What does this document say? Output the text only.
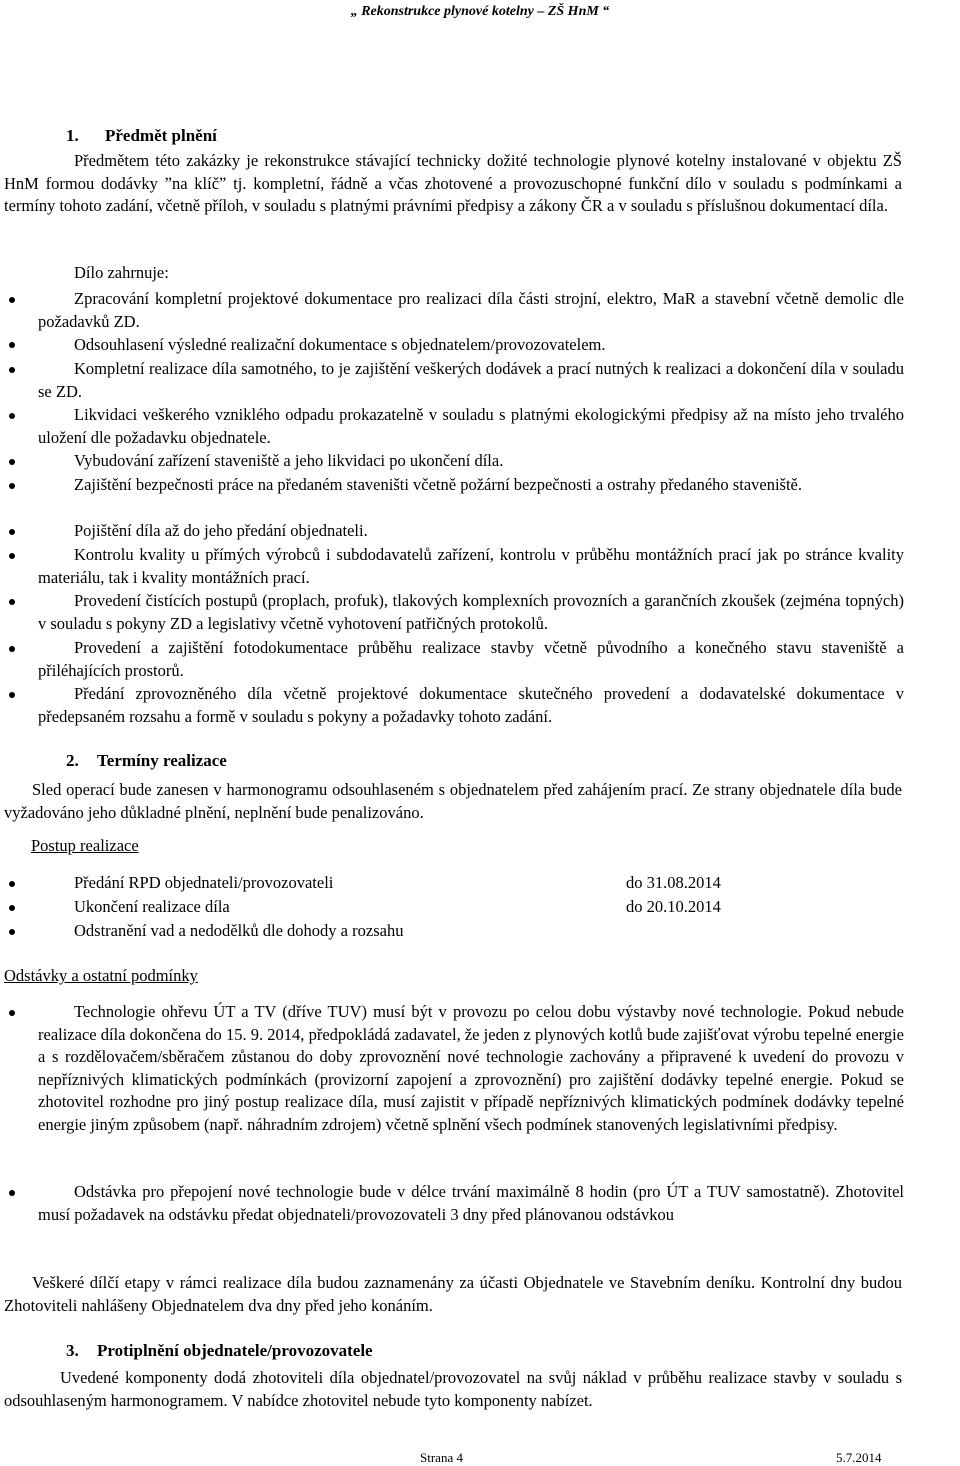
„ Rekonstrukce plynové kotelny – ZŠ HnM “
1. Předmět plnění
Předmětem této zakázky je rekonstrukce stávající technicky dožité technologie plynové kotelny instalované v objektu ZŠ HnM formou dodávky ˮna klíčˮ tj. kompletní, řádně a včas zhotovené a provozuschopné funkční dílo v souladu s podmínkami a termíny tohoto zadání, včetně příloh, v souladu s platnými právními předpisy a zákony ČR a v souladu s příslušnou dokumentací díla.
Dílo zahrnuje:
Zpracování kompletní projektové dokumentace pro realizaci díla části strojní, elektro, MaR a stavební včetně demolic dle požadavků ZD.
Odsouhlasení výsledné realizační dokumentace s objednatelem/provozovatelem.
Kompletní realizace díla samotného, to je zajištění veškerých dodávek a prací nutných k realizaci a dokončení díla v souladu se ZD.
Likvidaci veškerého vzniklého odpadu prokazatelně v souladu s platnými ekologickými předpisy až na místo jeho trvalého uložení dle požadavku objednatele.
Vybudování zařízení staveniště a jeho likvidaci po ukončení díla.
Zajištění bezpečnosti práce na předaném staveništi včetně požární bezpečnosti a ostrahy předaného staveniště.
Pojištění díla až do jeho předání objednateli.
Kontrolu kvality u přímých výrobců i subdodavatelů zařízení, kontrolu v průběhu montážních prací jak po stránce kvality materiálu, tak i kvality montážních prací.
Provedení čistících postupů (proplach, profuk), tlakových komplexních provozních a garančních zkoušek (zejména topných) v souladu s pokyny ZD a legislativy včetně vyhotovení patřičných protokolů.
Provedení a zajištění fotodokumentace průběhu realizace stavby včetně původního a konečného stavu staveniště a přiléhajících prostorů.
Předání zprovozněného díla včetně projektové dokumentace skutečného provedení a dodavatelské dokumentace v předepsaném rozsahu a formě v souladu s pokyny a požadavky tohoto zadání.
2. Termíny realizace
Sled operací bude zanesen v harmonogramu odsouhlaseném s objednatelem před zahájením prací. Ze strany objednatele díla bude vyžadováno jeho důkladné plnění, neplnění bude penalizováno.
Postup realizace
Předání RPD objednateli/provozovateli	do 31.08.2014
Ukončení realizace díla	do 20.10.2014
Odstranění vad a nedodělků dle dohody a rozsahu
Odstávky a ostatní podmínky
Technologie ohřevu ÚT a TV (dříve TUV) musí být v provozu po celou dobu výstavby nové technologie. Pokud nebude realizace díla dokončena do 15. 9. 2014, předpokládá zadavatel, že jeden z plynových kotlů bude zajišťovat výrobu tepelné energie a s rozdělovačem/sběračem zůstanou do doby zprovoznění nové technologie zachovány a připravené k uvedení do provozu v nepříznivých klimatických podmínkách (provizorní zapojení a zprovoznění) pro zajištění dodávky tepelné energie. Pokud se zhotovitel rozhodne pro jiný postup realizace díla, musí zajistit v případě nepříznivých klimatických podmínek dodávky tepelné energie jiným způsobem (např. náhradním zdrojem) včetně splnění všech podmínek stanovených legislativními předpisy.
Odstávka pro přepojení nové technologie bude v délce trvání maximálně 8 hodin (pro ÚT a TUV samostatně). Zhotovitel musí požadavek na odstávku předat objednateli/provozovateli 3 dny před plánovanou odstávkou
Veškeré dílčí etapy v rámci realizace díla budou zaznamenány za účasti Objednatele ve Stavebním deníku. Kontrolní dny budou Zhotoviteli nahlášeny Objednatelem dva dny před jeho konáním.
3. Protiplnění objednatele/provozovatele
Uvedené komponenty dodá zhotoviteli díla objednatel/provozovatel na svůj náklad v průběhu realizace stavby v souladu s odsouhlaseným harmonogramem. V nabídce zhotovitel nebude tyto komponenty nabízet.
Strana 4	5.7.2014
